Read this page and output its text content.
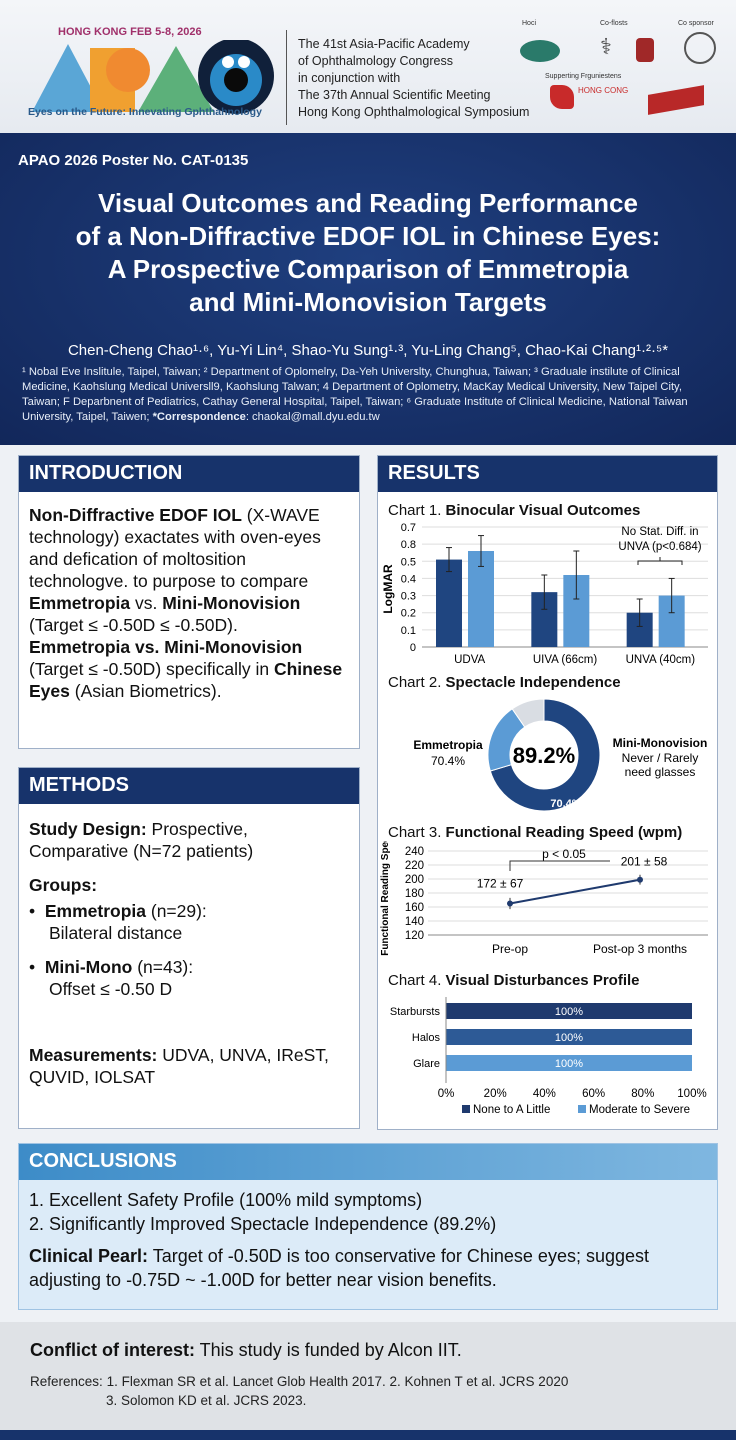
HONG KONG FEB 5-8, 2026
Eyes on the Future: Innevating Gphthahnology
The 41st Asia-Pacific Academy
of Ophthalmology Congress
in conjunction with
The 37th Annual Scientific Meeting
Hong Kong Ophthalmological Symposium
Hoci	Co-flosts	Co sponsor
⚕
Supperting Frguniestens
HONG CONG
APAO 2026 Poster No. CAT-0135
Visual Outcomes and Reading Performance
of a Non-Diffractive EDOF IOL in Chinese Eyes:
A Prospective Comparison of Emmetropia
and Mini-Monovision Targets
Chen-Cheng Chao¹·⁶, Yu-Yi Lin⁴, Shao-Yu Sung¹·³, Yu-Ling Chang⁵, Chao-Kai Chang¹·²·⁵*
¹ Nobal Eve Inslitule, Taipel, Taiwan; ² Department of Oplomelry, Da-Yeh Universlty, Chunghua, Taiwan; ³ Graduale instilute of Clinical Medicine, Kaohslung Medical Universll9, Kaohslung Talwan; 4 Department of Oplometry, MacKay Medical University, New Taipel City, Taiwan; F Deparbnent of Pediatrics, Cathay General Hospital, Taipel, Taiwan; ⁶ Graduate Institute of Clinical Medicine, National Taiwan University, Taipel, Taiwen; *Correspondence: chaokal@mall.dyu.edu.tw
INTRODUCTION

Non-Diffractive EDOF IOL (X-WAVE technology) exactates with oven-eyes and defication of moltosition technologve. to purpose to compare Emmetropia vs. Mini-Monovision (Target ≤ -0.50D ≤ -0.50D).

Emmetropia vs. Mini-Monovision (Target ≤ -0.50D) specifically in Chinese Eyes (Asian Biometrics).

METHODS

Study Design: Prospective, Comparative (N=72 patients)

Groups:

•  Emmetropia (n=29):
Bilateral distance

•  Mini-Mono (n=43):
Offset ≤ -0.50 D

Measurements: UDVA, UNVA, IReST, QUVID, IOLSAT

RESULTS
Chart 1. Binocular Visual Outcomes
0
0.1
0.2
0.3
0.4
0.5
0.8
0.7
LogMAR
UDVA	UIVA (66cm) UNVA (40cm)
No Stat. Diff. in
UNVA (p<0.684)
Chart 2. Spectacle Independence
70.4%
89.2%
Emmetropia
70.4%
Mini-Monovision
Never / Rarely
need glasses
Chart 3. Functional Reading Speed (wpm)
120
140
160
180
200
220
240
Functional Reading Speed	172 ± 67
Pre-op
201 ± 58
Post-op 3 months
p < 0.05
Chart 4. Visual Disturbances Profile
100%
Starbursts
100%
Halos
100%
Glare
0%	20% 40% 60% 80% 100%
None to A Little	Moderate to Severe
CONCLUSIONS
1. Excellent Safety Profile (100% mild symptoms)
2. Significantly Improved Spectacle Independence (89.2%)

Clinical Pearl: Target of -0.50D is too conservative for Chinese eyes; suggest adjusting to -0.75D ~ -1.00D for better near vision benefits.

Conflict of interest: This study is funded by Alcon IIT.
References: 1. Flexman SR et al. Lancet Glob Health 2017. 2. Kohnen T et al. JCRS 2020
3. Solomon KD et al. JCRS 2023.
